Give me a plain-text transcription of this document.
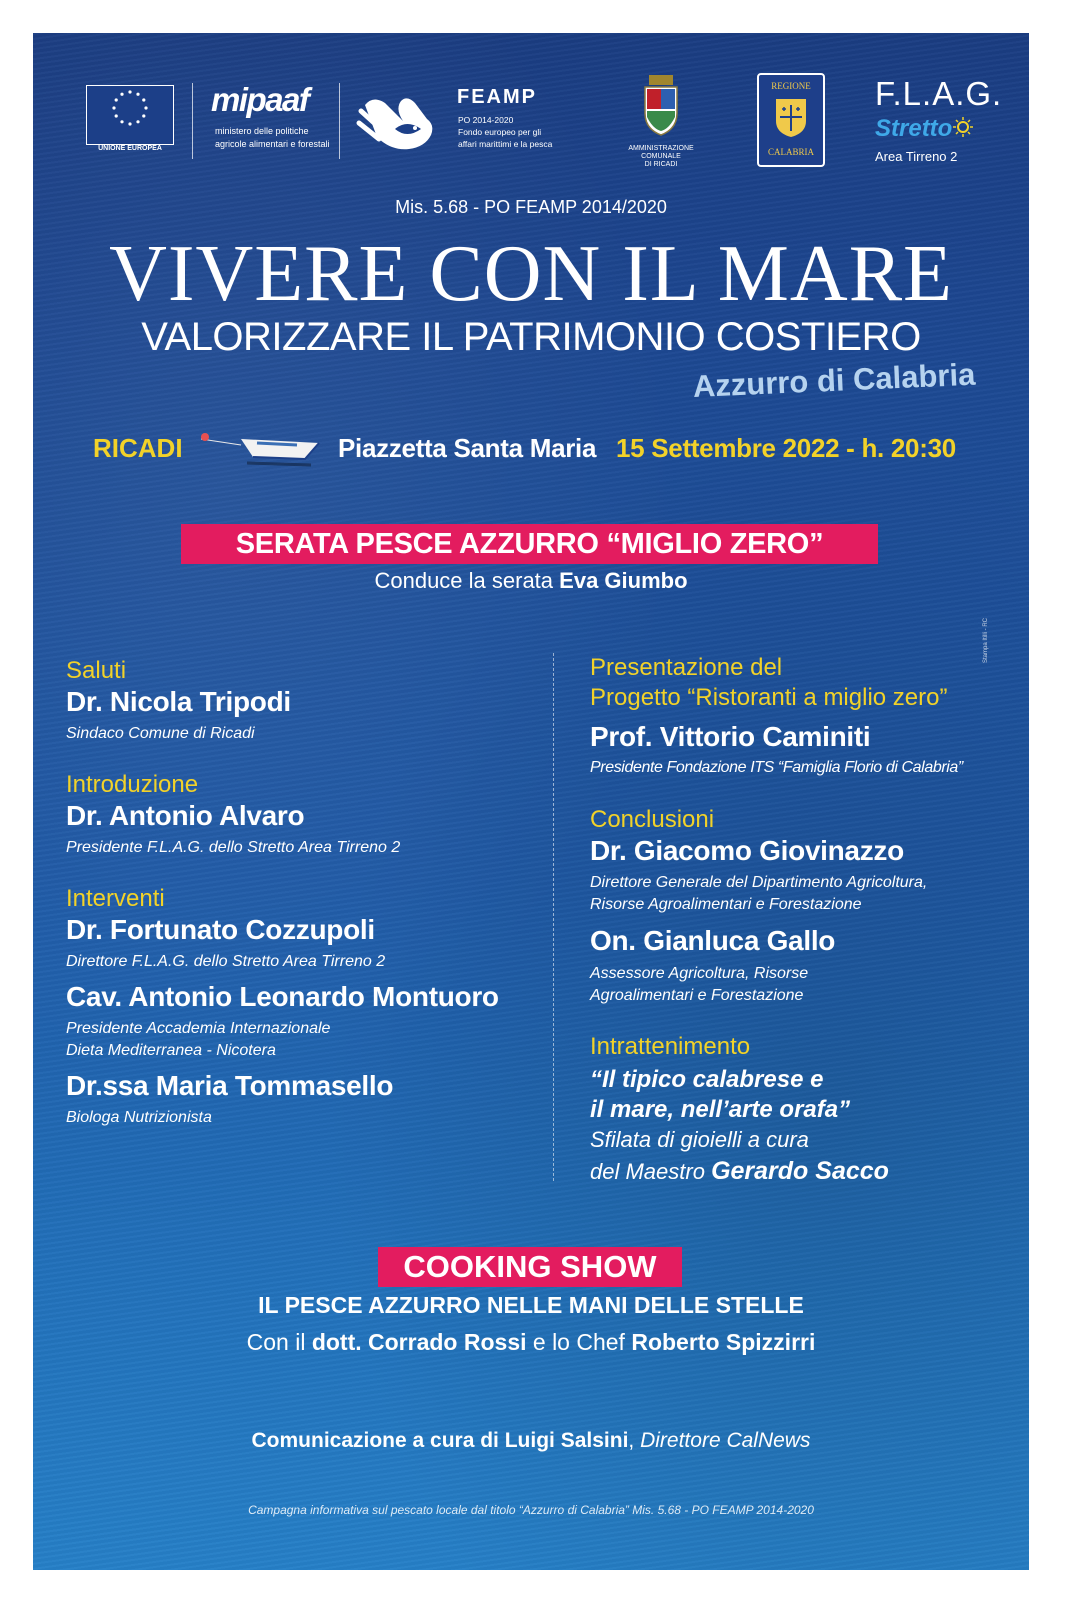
UNIONE EUROPEA
mipaaf
ministero delle politiche
agricole alimentari e forestali
FEAMP
PO 2014-2020
Fondo europeo per gli
affari marittimi e la pesca	AMMINISTRAZIONE
COMUNALE
DI RICADI
REGIONE
CALABRIA
F.L.A.G.
Stretto
Area Tirreno 2
Mis. 5.68 - PO FEAMP 2014/2020
VIVERE CON IL MARE
VALORIZZARE IL PATRIMONIO COSTIERO
Azzurro di Calabria
RICADI	Piazzetta Santa Maria 15 Settembre 2022 - h. 20:30
SERATA PESCE AZZURRO “MIGLIO ZERO”
Conduce la serata Eva Giumbo
Stampa Itilli - RC
Saluti
Dr. Nicola Tripodi
Sindaco Comune di Ricadi
Introduzione
Dr. Antonio Alvaro
Presidente F.L.A.G. dello Stretto Area Tirreno 2
Interventi
Dr. Fortunato Cozzupoli
Direttore F.L.A.G. dello Stretto Area Tirreno 2
Cav. Antonio Leonardo Montuoro
Presidente Accademia Internazionale
Dieta Mediterranea - Nicotera
Dr.ssa Maria Tommasello
Biologa Nutrizionista
Presentazione del
Progetto “Ristoranti a miglio zero”
Prof. Vittorio Caminiti
Presidente Fondazione ITS “Famiglia Florio di Calabria”
Conclusioni
Dr. Giacomo Giovinazzo
Direttore Generale del Dipartimento Agricoltura,
Risorse Agroalimentari e Forestazione
On. Gianluca Gallo
Assessore Agricoltura, Risorse
Agroalimentari e Forestazione
Intrattenimento
“Il tipico calabrese e
il mare, nell’arte orafa”
Sfilata di gioielli a cura
del Maestro Gerardo Sacco
COOKING SHOW
IL PESCE AZZURRO NELLE MANI DELLE STELLE
Con il dott. Corrado Rossi e lo Chef Roberto Spizzirri
Comunicazione a cura di Luigi Salsini, Direttore CalNews
Campagna informativa sul pescato locale dal titolo “Azzurro di Calabria” Mis. 5.68 - PO FEAMP 2014-2020
